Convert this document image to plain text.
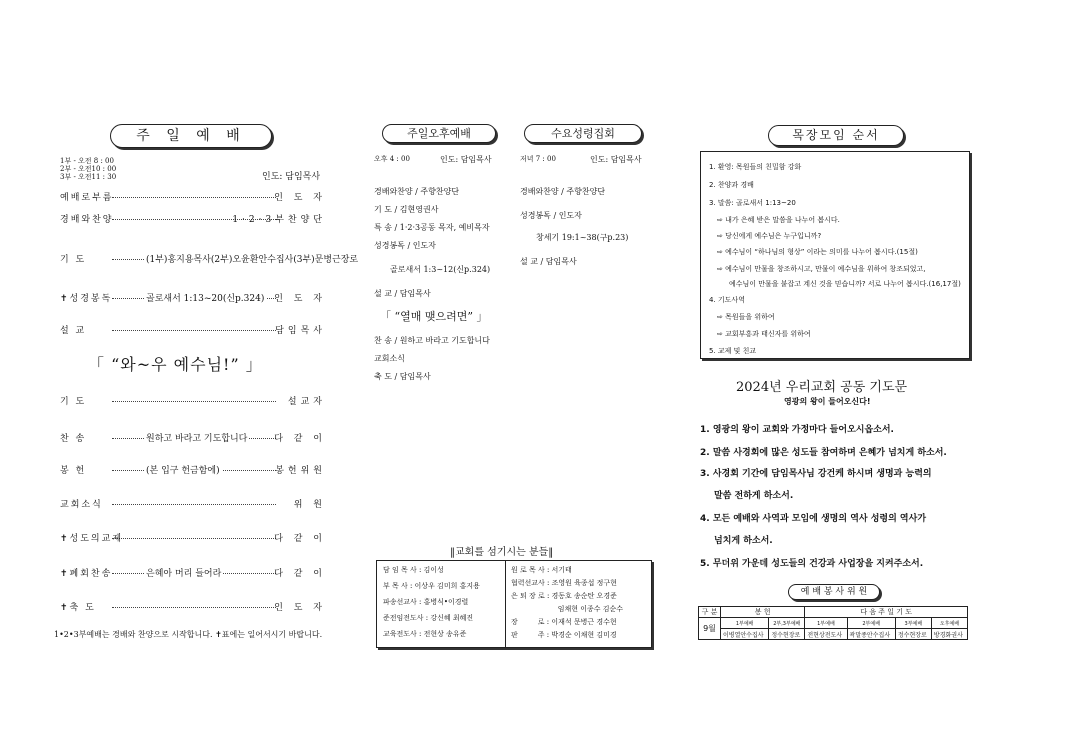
주 일 예 배
1부 - 오전 8 : 00
2부 - 오전10 : 00
3부 - 오전11 : 30	인도: 담임목사
예배로부름	인 도 자
경배와찬양	1·2·3부찬양단
기 도	(1부)홍지용목사(2부)오윤환안수집사(3부)문병근장로
✝성경봉독	골로새서 1:13~20(신p.324) 인 도 자
설 교	담임목사
「 “와~우 예수님!” 」
기 도	설교자
찬 송	원하고 바라고 기도합니다	다 같 이
봉 헌	(본 입구 헌금함에)	봉헌위원
교회소식	위 원
✝성도의교제	다 같 이
✝폐회찬송	은혜아 머리 들어라	다 같 이
✝축 도	인 도 자
1•2•3부예배는 경배와 찬양으로 시작합니다. ✝표에는 일어서시기 바랍니다.
주일오후예배
오후 4 : 00	인도: 담임목사
경배와찬양 / 주향찬양단
기 도 / 김현영권사
특 송 / 1·2·3공동 목자, 예비목자
성경봉독 / 인도자
골로새서 1:3~12(신p.324)
설 교 / 담임목사
「 “열매 맺으려면” 」
찬 송 / 원하고 바라고 기도합니다
교회소식
축 도 / 담임목사
수요성령집회
저녁 7 : 00	인도: 담임목사
경배와찬양 / 주향찬양단
성경봉독 / 인도자
창세기 19:1~38(구p.23)
설 교 / 담임목사
‖교회를 섬기시는 분들‖
담 임 목 사 : 김이성
부 목 사 : 이상우 김미희 홍지용
파송선교사 : 홍병식•이경렬
준전임전도사 : 강신혜 최혜진
교육전도사 : 전현상 송유준
원 로 목 사 : 서기태
협력선교사 : 조영원 육종섭 정구현
은 퇴 장 로 : 경동호 송순탄 오경준
임채현 이종수 김순수
장         로 : 이재석 문병근 경수현
판         주 : 박경순 이채현 김미경
목장모임 순서
1. 환영: 목원들의 친밀함 강화
2. 찬양과 경배
3. 말씀: 골로새서 1:13~20
⇨ 내가 은혜 받은 말씀을 나누어 봅시다.
⇨ 당신에게 예수님은 누구입니까?
⇨ 예수님이 “하나님의 형상” 이라는 의미를 나누어 봅시다.(15절)
⇨ 예수님이 만물을 창조하시고, 만물이 예수님을 위하여 창조되었고,
예수님이 만물을 붙잡고 계신 것을 믿습니까? 서로 나누어 봅시다.(16,17절)
4. 기도사역
⇨ 목원들을 위하여
⇨ 교회부흥과 태신자를 위하여
5. 교제 및 친교
2024년 우리교회 공동 기도문
영광의 왕이 들어오신다!
1. 영광의 왕이 교회와 가정마다 들어오시옵소서.
2. 말씀 사경회에 많은 성도들 참여하며 은혜가 넘치게 하소서.
3. 사경회 기간에 담임목사님 강건케 하시며 생명과 능력의
말씀 전하게 하소서.
4. 모든 예배와 사역과 모임에 생명의 역사 성령의 역사가
넘치게 하소서.
5. 무더위 가운데 성도들의 건강과 사업장을 지켜주소서.
예 배 봉 사 위 원
구 분	봉 헌		다 음 주 일 기 도			
9월	1부예배	2부,3부예배	1부예배	2부예배	3부예배	오후예배
	이병열안수집사	정수현장로	전현상전도사	곽말종안수집사	정수현장로	방경화권사
